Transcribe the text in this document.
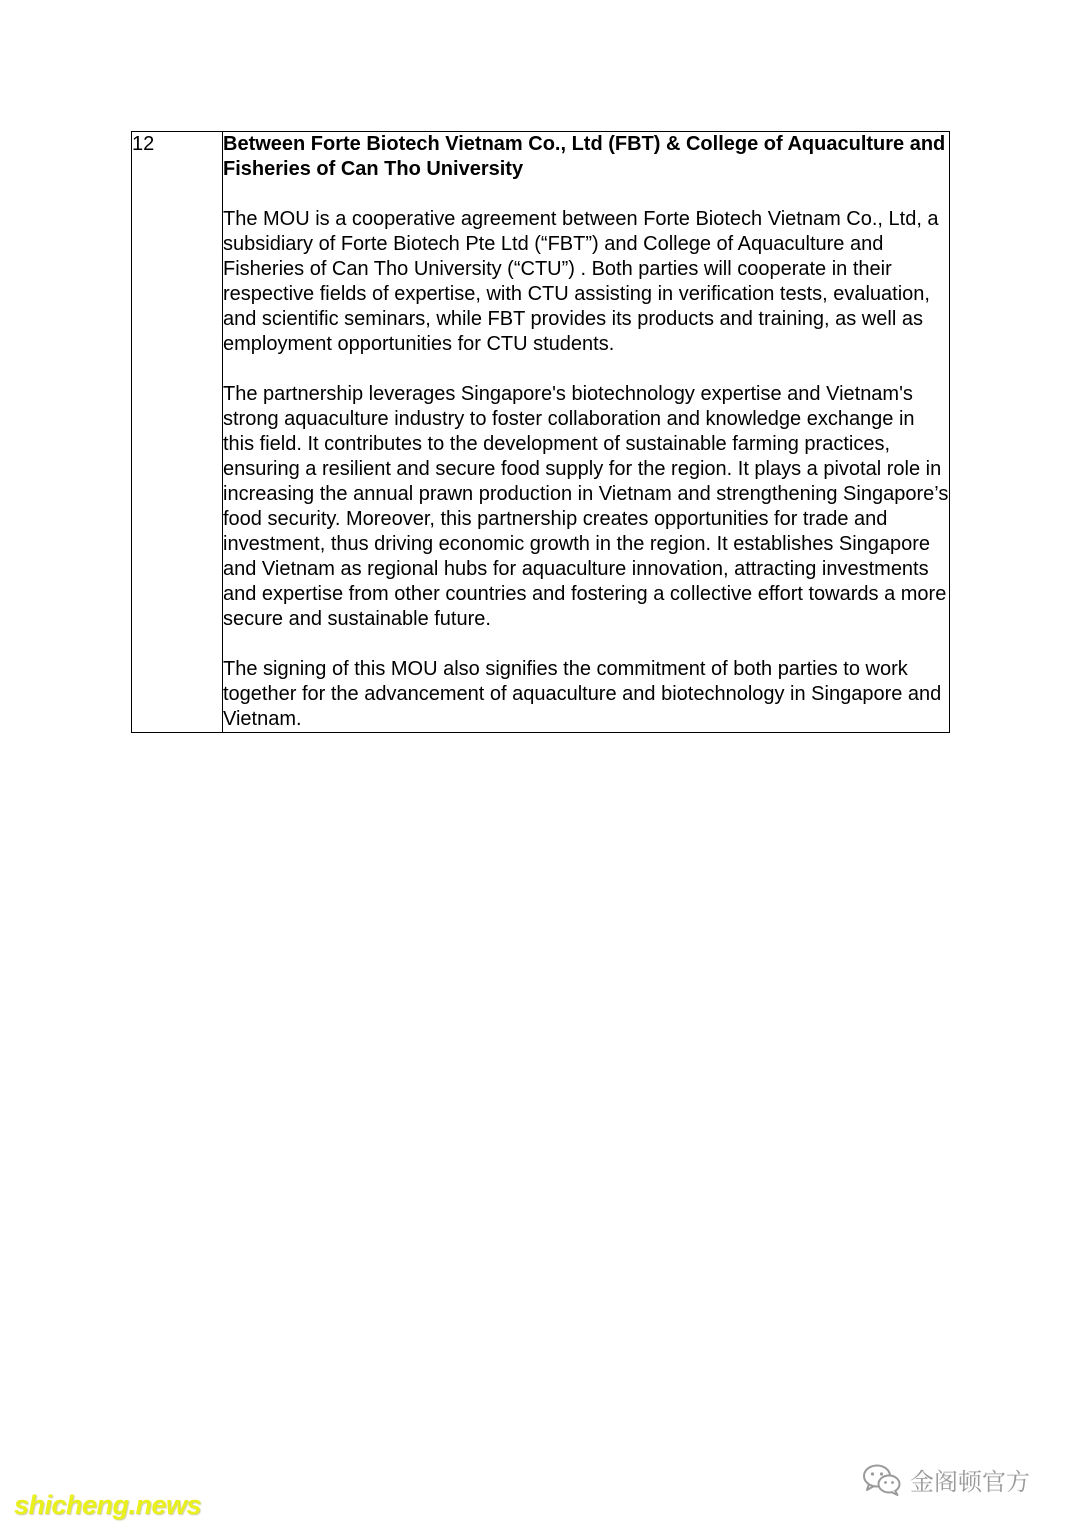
12	Between Forte Biotech Vietnam Co., Ltd (FBT) & College of Aquaculture and Fisheries of Can Tho University

The MOU is a cooperative agreement between Forte Biotech Vietnam Co., Ltd, a subsidiary of Forte Biotech Pte Ltd (“FBT”) and College of Aquaculture and Fisheries of Can Tho University (“CTU”) . Both parties will cooperate in their respective fields of expertise, with CTU assisting in verification tests, evaluation, and scientific seminars, while FBT provides its products and training, as well as employment opportunities for CTU students.

The partnership leverages Singapore's biotechnology expertise and Vietnam's strong aquaculture industry to foster collaboration and knowledge exchange in this field. It contributes to the development of sustainable farming practices, ensuring a resilient and secure food supply for the region. It plays a pivotal role in increasing the annual prawn production in Vietnam and strengthening Singapore’s food security. Moreover, this partnership creates opportunities for trade and investment, thus driving economic growth in the region. It establishes Singapore and Vietnam as regional hubs for aquaculture innovation, attracting investments and expertise from other countries and fostering a collective effort towards a more secure and sustainable future.

The signing of this MOU also signifies the commitment of both parties to work together for the advancement of aquaculture and biotechnology in Singapore and Vietnam.

shicheng.news
金阁顿官方
